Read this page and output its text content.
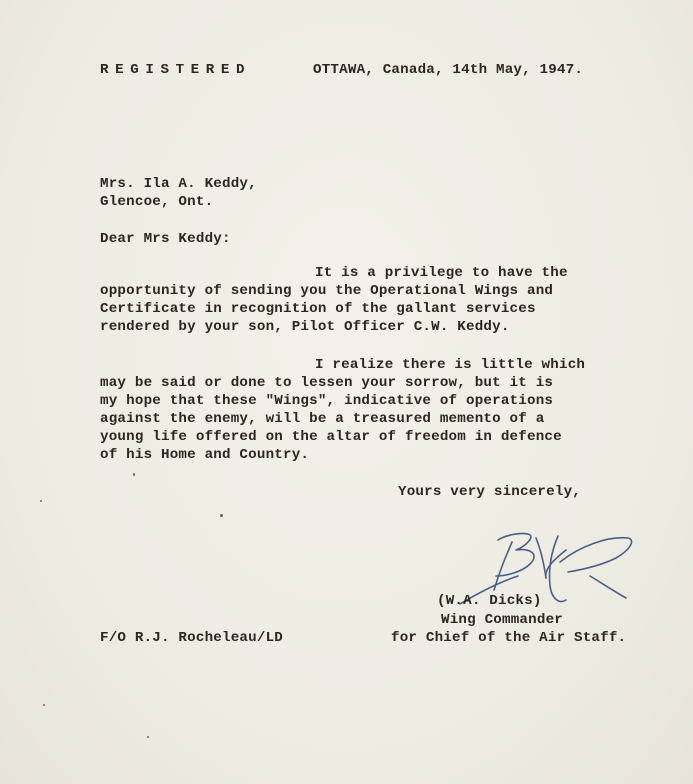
REGISTERED	OTTAWA, Canada, 14th May, 1947.
Mrs. Ila A. Keddy,
Glencoe, Ont.
Dear Mrs Keddy:
It is a privilege to have the
opportunity of sending you the Operational Wings and
Certificate in recognition of the gallant services
rendered by your son, Pilot Officer C.W. Keddy.
I realize there is little which
may be said or done to lessen your sorrow, but it is
my hope that these "Wings", indicative of operations
against the enemy, will be a treasured memento of a
young life offered on the altar of freedom in defence
of his Home and Country.
Yours very sincerely,
(W.A. Dicks)
Wing Commander
for Chief of the Air Staff.
F/O R.J. Rocheleau/LD
